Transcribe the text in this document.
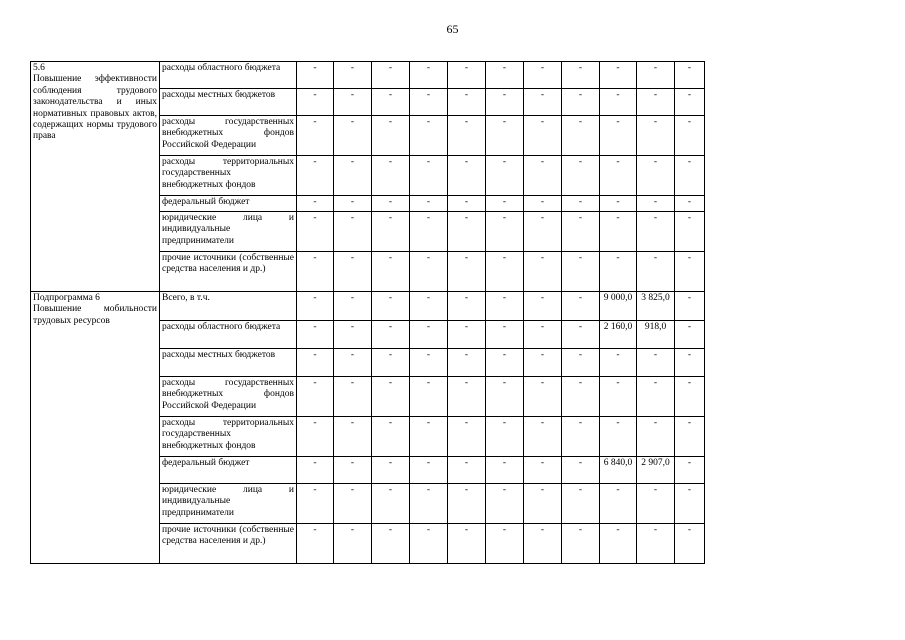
65
5.6
Повышение эффективности соблюдения трудового законодательства и иных нормативных правовых актов, содержащих нормы трудового права	расходы областного бюджета	-	-	-	-	-	-	-	-	-	-	-
	расходы местных бюджетов	-	-	-	-	-	-	-	-	-	-	-
	расходы государственных внебюджетных фондов Российской Федерации	-	-	-	-	-	-	-	-	-	-	-
	расходы территориальных государственных внебюджетных фондов	-	-	-	-	-	-	-	-	-	-	-
	федеральный бюджет	-	-	-	-	-	-	-	-	-	-	-
	юридические лица и индивидуальные предприниматели	-	-	-	-	-	-	-	-	-	-	-
	прочие источники (собственные средства населения и др.)	-	-	-	-	-	-	-	-	-	-	-

Подпрограмма 6
Повышение мобильности трудовых ресурсов	Всего, в т.ч.	-	-	-	-	-	-	-	-	9 000,0	3 825,0	-
	расходы областного бюджета	-	-	-	-	-	-	-	-	2 160,0	918,0	-
	расходы местных бюджетов	-	-	-	-	-	-	-	-	-	-	-
	расходы государственных внебюджетных фондов Российской Федерации	-	-	-	-	-	-	-	-	-	-	-
	расходы территориальных государственных внебюджетных фондов	-	-	-	-	-	-	-	-	-	-	-
	федеральный бюджет	-	-	-	-	-	-	-	-	6 840,0	2 907,0	-
	юридические лица и индивидуальные предприниматели	-	-	-	-	-	-	-	-	-	-	-
	прочие источники (собственные средства населения и др.)	-	-	-	-	-	-	-	-	-	-	-
